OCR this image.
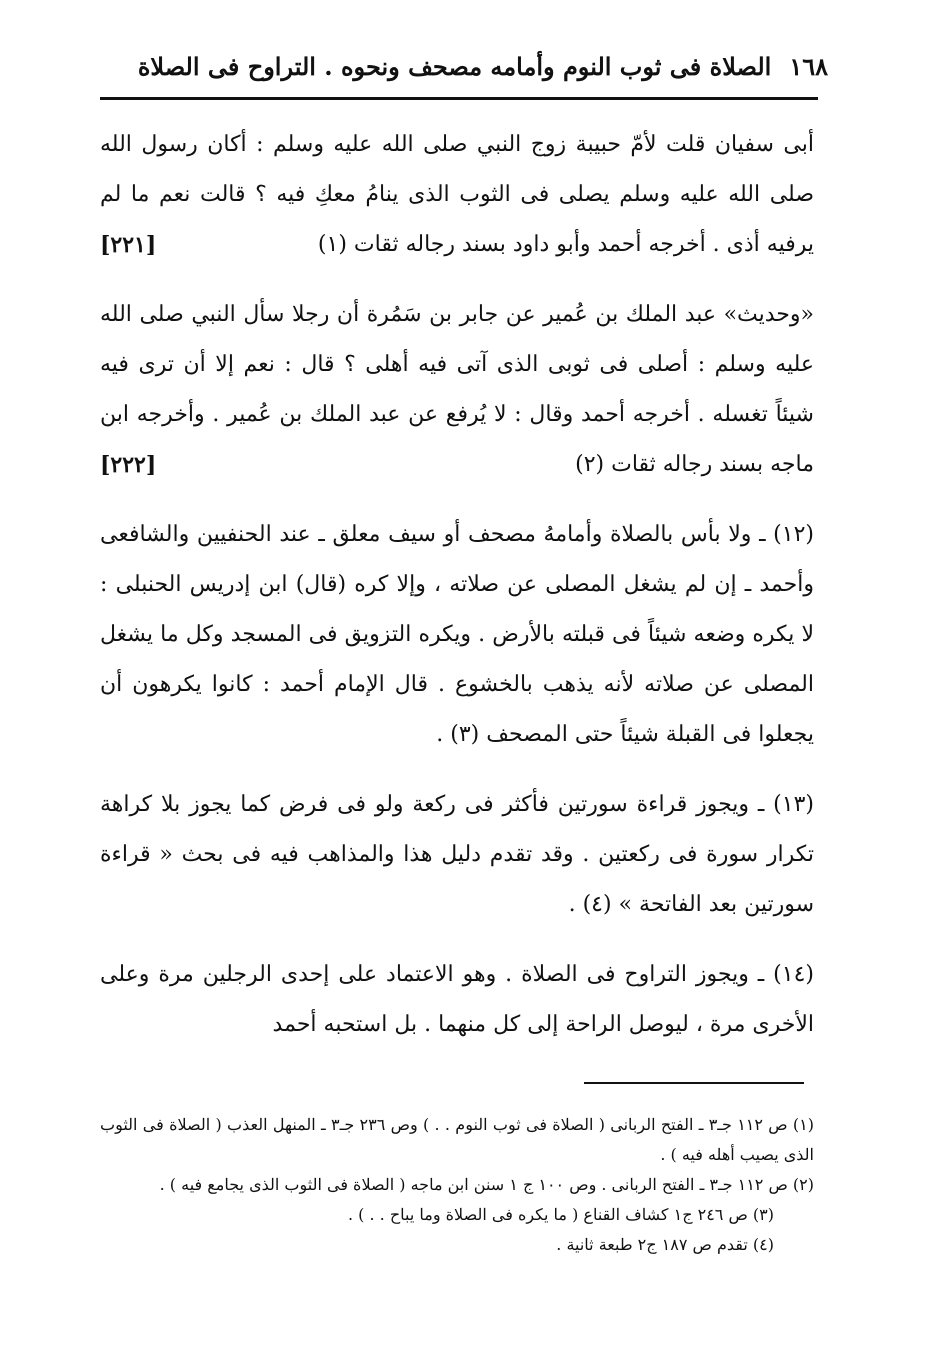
١٦٨
الصلاة فى ثوب النوم وأمامه مصحف ونحوه . التراوح فى الصلاة

أبى سفيان قلت لأمّ حبيبة زوج النبي صلى الله عليه وسلم : أكان رسول الله صلى الله عليه وسلم يصلى فى الثوب الذى ينامُ معكِ فيه ؟ قالت نعم ما لم يرفيه أذى . أخرجه أحمد وأبو داود بسند رجاله ثقات (١)
[٢٢١]

«وحديث» عبد الملك بن عُمير عن جابر بن سَمُرة أن رجلا سأل النبي صلى الله عليه وسلم : أصلى فى ثوبى الذى آتى فيه أهلى ؟ قال : نعم إلا أن ترى فيه شيئاً تغسله . أخرجه أحمد وقال : لا يُرفع عن عبد الملك بن عُمير . وأخرجه ابن ماجه بسند رجاله ثقات (٢)
[٢٢٢]

(١٢) ـ ولا بأس بالصلاة وأمامهُ مصحف أو سيف معلق ـ عند الحنفيين والشافعى وأحمد ـ إن لم يشغل المصلى عن صلاته ، وإلا كره (قال) ابن إدريس الحنبلى : لا يكره وضعه شيئاً فى قبلته بالأرض . ويكره التزويق فى المسجد وكل ما يشغل المصلى عن صلاته لأنه يذهب بالخشوع . قال الإمام أحمد : كانوا يكرهون أن يجعلوا فى القبلة شيئاً حتى المصحف (٣) .

(١٣) ـ ويجوز قراءة سورتين فأكثر فى ركعة ولو فى فرض كما يجوز بلا كراهة تكرار سورة فى ركعتين . وقد تقدم دليل هذا والمذاهب فيه فى بحث « قراءة سورتين بعد الفاتحة » (٤) .

(١٤) ـ ويجوز التراوح فى الصلاة . وهو الاعتماد على إحدى الرجلين مرة وعلى الأخرى مرة ، ليوصل الراحة إلى كل منهما . بل استحبه أحمد

(١) ص ١١٢ جـ٣ ـ الفتح الربانى ( الصلاة فى ثوب النوم . . ) وص ٢٣٦ جـ٣ ـ المنهل العذب ( الصلاة فى الثوب الذى يصيب أهله فيه ) .

(٢) ص ١١٢ جـ٣ ـ الفتح الربانى . وص ١٠٠ ج ١ سنن ابن ماجه ( الصلاة فى الثوب الذى يجامع فيه ) .

(٣) ص ٢٤٦ ج١ كشاف القناع ( ما يكره فى الصلاة وما يباح . . ) .

(٤) تقدم ص ١٨٧ ج٢ طبعة ثانية .
